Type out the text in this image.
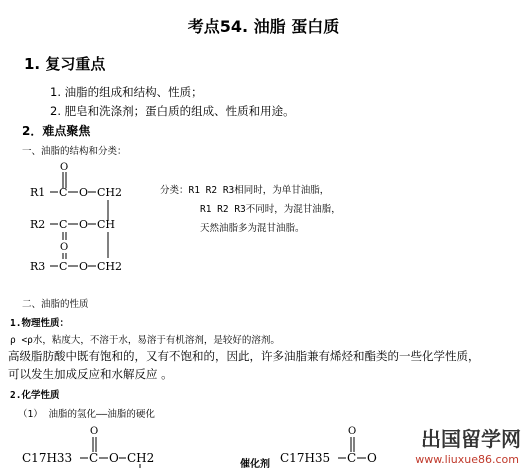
考点54. 油脂 蛋白质
1. 复习重点
1. 油脂的组成和结构、性质；
2. 肥皂和洗涤剂；蛋白质的组成、性质和用途。
2．难点聚焦
一、油脂的结构和分类：
R1 C
O
O CH2
R2 C
O
O CH
R3 C O CH2
分类：R1 R2 R3相同时，为单甘油脂，
R1 R2 R3不同时，为混甘油脂，
天然油脂多为混甘油脂。
二、油脂的性质
1.物理性质：
ρ <ρ水，粘度大，不溶于水，易溶于有机溶剂，是较好的溶剂。
高级脂肪酸中既有饱和的，又有不饱和的，因此，许多油脂兼有烯烃和酯类的一些化学性质，
可以发生加成反应和水解反应 。
2.化学性质
（1） 油脂的氢化——油脂的硬化
C17H33 C
O
O CH2	催化剂 C17H35 C
O
O
出国留学网
www.liuxue86.com
